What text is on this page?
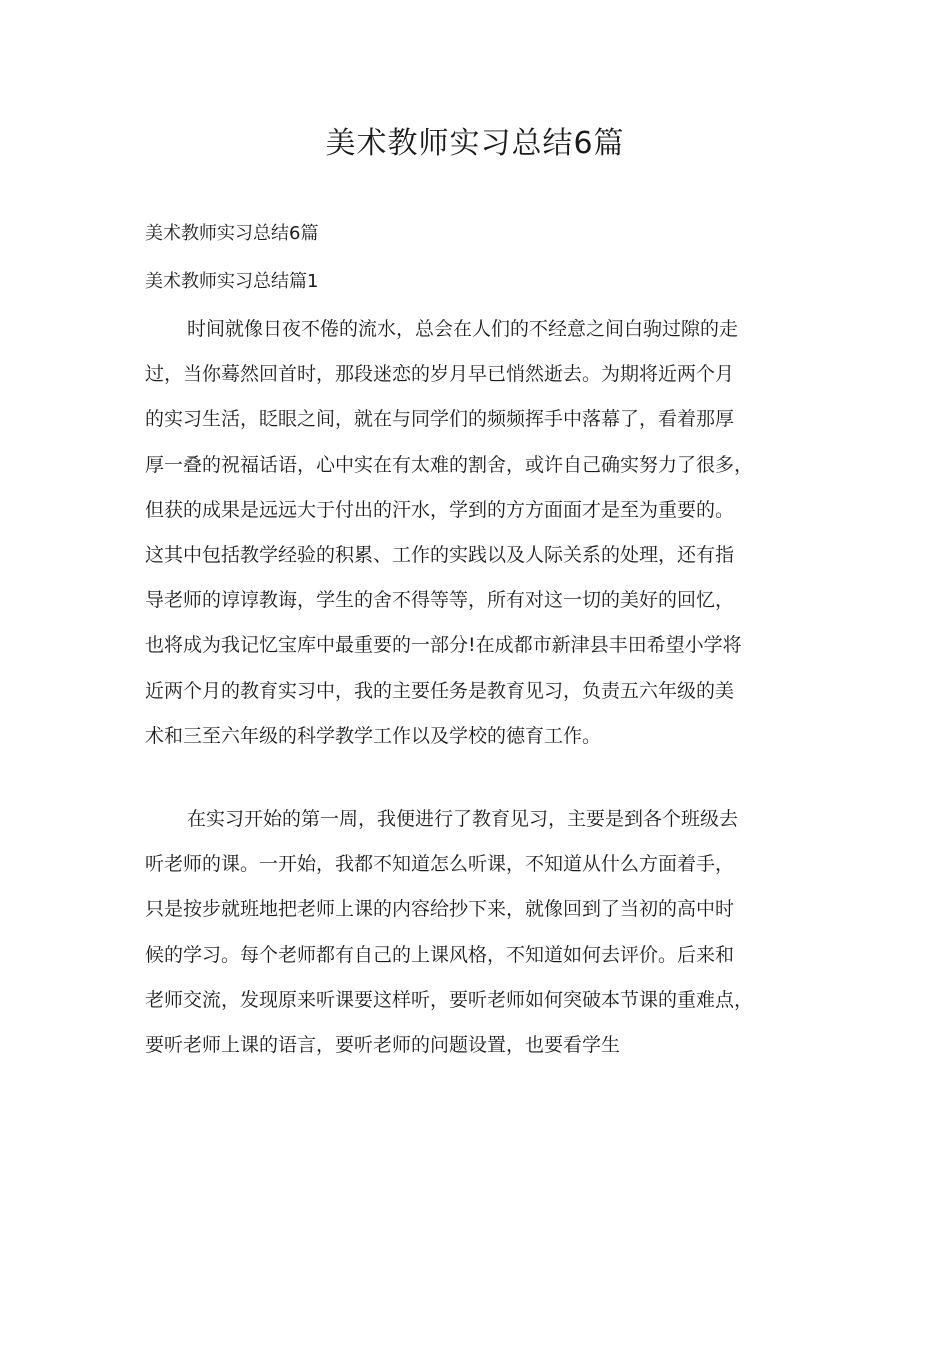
美术教师实习总结6篇
美术教师实习总结6篇
美术教师实习总结篇1
时间就像日夜不倦的流水，总会在人们的不经意之间白驹过隙的走
过，当你蓦然回首时，那段迷恋的岁月早已悄然逝去。为期将近两个月
的实习生活，眨眼之间，就在与同学们的频频挥手中落幕了，看着那厚
厚一叠的祝福话语，心中实在有太难的割舍，或许自己确实努力了很多，
但获的成果是远远大于付出的汗水，学到的方方面面才是至为重要的。
这其中包括教学经验的积累、工作的实践以及人际关系的处理，还有指
导老师的谆谆教诲，学生的舍不得等等，所有对这一切的美好的回忆，
也将成为我记忆宝库中最重要的一部分!在成都市新津县丰田希望小学将
近两个月的教育实习中，我的主要任务是教育见习，负责五六年级的美
术和三至六年级的科学教学工作以及学校的德育工作。
在实习开始的第一周，我便进行了教育见习，主要是到各个班级去
听老师的课。一开始，我都不知道怎么听课，不知道从什么方面着手，
只是按步就班地把老师上课的内容给抄下来，就像回到了当初的高中时
候的学习。每个老师都有自己的上课风格，不知道如何去评价。后来和
老师交流，发现原来听课要这样听，要听老师如何突破本节课的重难点，
要听老师上课的语言，要听老师的问题设置，也要看学生
